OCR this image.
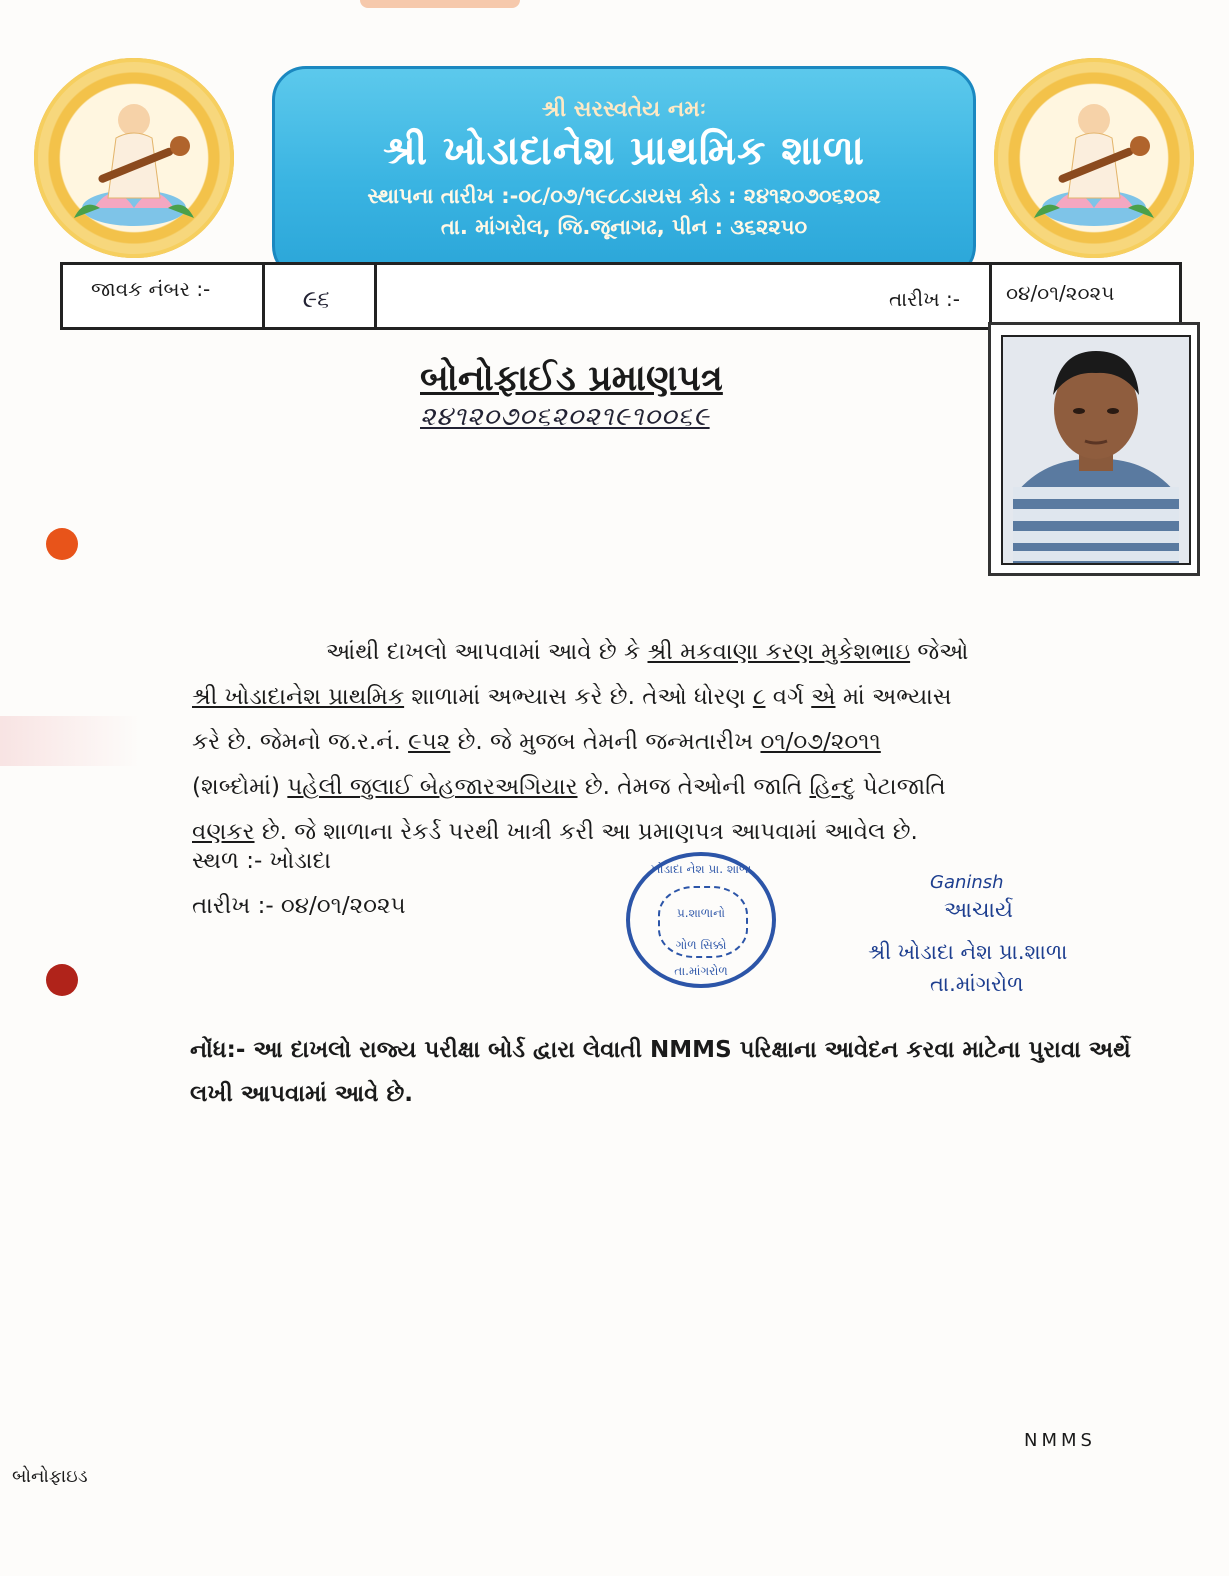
શ્રી સરસ્વતેય નમઃ
શ્રી ખોડાદાનેશ પ્રાથમિક શાળા
સ્થાપના તારીખ :-૦૮/૦૭/૧૯૮૮ડાયસ કોડ : ૨૪૧૨૦૭૦૬૨૦૨
તા. માંગરોલ, જિ.જૂનાગઢ, પીન : ૩૬૨૨૫૦
જાવક નંબર :-	૯૬	તારીખ :-	૦૪/૦૧/૨૦૨૫
બોનોફાઈડ પ્રમાણપત્ર
૨૪૧૨૦૭૦૬૨૦૨૧૯૧૦૦૬૯

આંથી દાખલો આપવામાં આવે છે કે શ્રી મકવાણા કરણ મુકેશભાઇ જેઓ

શ્રી ખોડાદાનેશ પ્રાથમિક શાળામાં અભ્યાસ કરે છે. તેઓ ધોરણ ૮ વર્ગ એ માં અભ્યાસ

કરે છે. જેમનો જ.ર.નં. ૯૫૨ છે. જે મુજબ તેમની જન્મતારીખ ૦૧/૦૭/૨૦૧૧

(શબ્દોમાં) પહેલી જુલાઈ બેહજારઅગિયાર છે. તેમજ તેઓની જાતિ હિન્દુ પેટાજાતિ

વણકર છે. જે શાળાના રેકર્ડ પરથી ખાત્રી કરી આ પ્રમાણપત્ર આપવામાં આવેલ છે.

સ્થળ :- ખોડાદા
તારીખ :- ૦૪/૦૧/૨૦૨૫
ખોડાદા નેશ પ્રા. શાળા
પ્ર.શાળાનો
ગોળ સિક્કો
તા.માંગરોળ
Ganinsh
આચાર્ય
શ્રી ખોડાદા નેશ પ્રા.શાળા
તા.માંગરોળ
નોંધ:- આ દાખલો રાજ્ય પરીક્ષા બોર્ડ દ્વારા લેવાતી NMMS પરિક્ષાના આવેદન કરવા માટેના પુરાવા અર્થે લખી આપવામાં આવે છે.
NMMS
બોનોફાઇડ
